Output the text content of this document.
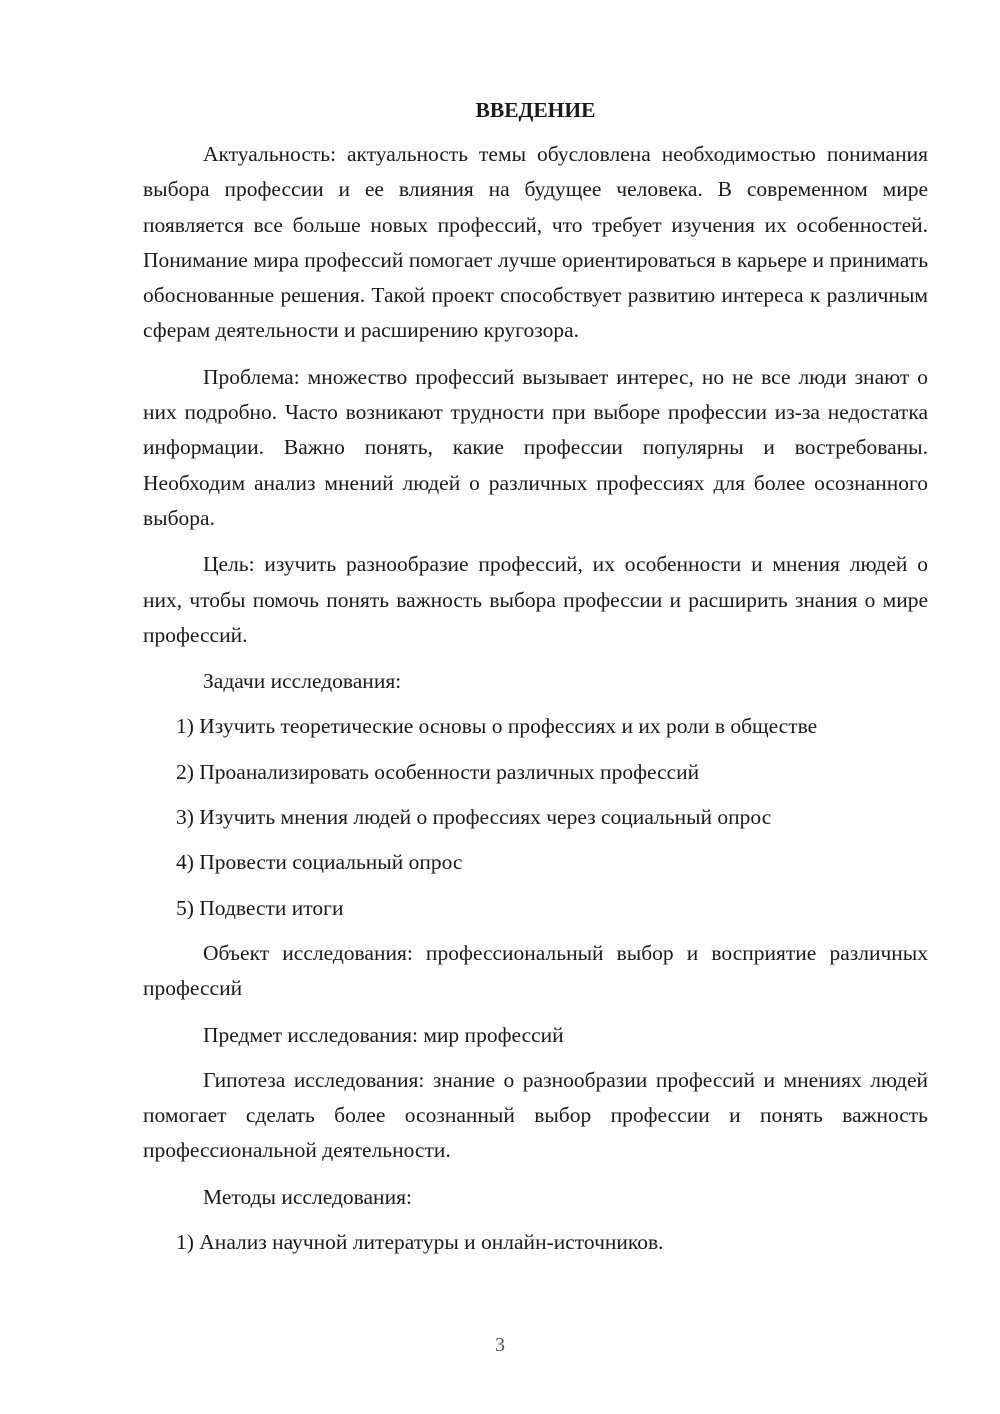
ВВЕДЕНИЕ

Актуальность: актуальность темы обусловлена необходимостью понимания выбора профессии и ее влияния на будущее человека. В современном мире появляется все больше новых профессий, что требует изучения их особенностей. Понимание мира профессий помогает лучше ориентироваться в карьере и принимать обоснованные решения. Такой проект способствует развитию интереса к различным сферам деятельности и расширению кругозора.

Проблема: множество профессий вызывает интерес, но не все люди знают о них подробно. Часто возникают трудности при выборе профессии из-за недостатка информации. Важно понять, какие профессии популярны и востребованы. Необходим анализ мнений людей о различных профессиях для более осознанного выбора.

Цель: изучить разнообразие профессий, их особенности и мнения людей о них, чтобы помочь понять важность выбора профессии и расширить знания о мире профессий.

Задачи исследования:

1) Изучить теоретические основы о профессиях и их роли в обществе
2) Проанализировать особенности различных профессий
3) Изучить мнения людей о профессиях через социальный опрос
4) Провести социальный опрос
5) Подвести итоги

Объект исследования: профессиональный выбор и восприятие различных профессий

Предмет исследования: мир профессий

Гипотеза исследования: знание о разнообразии профессий и мнениях людей помогает сделать более осознанный выбор профессии и понять важность профессиональной деятельности.

Методы исследования:

1) Анализ научной литературы и онлайн-источников.
3
